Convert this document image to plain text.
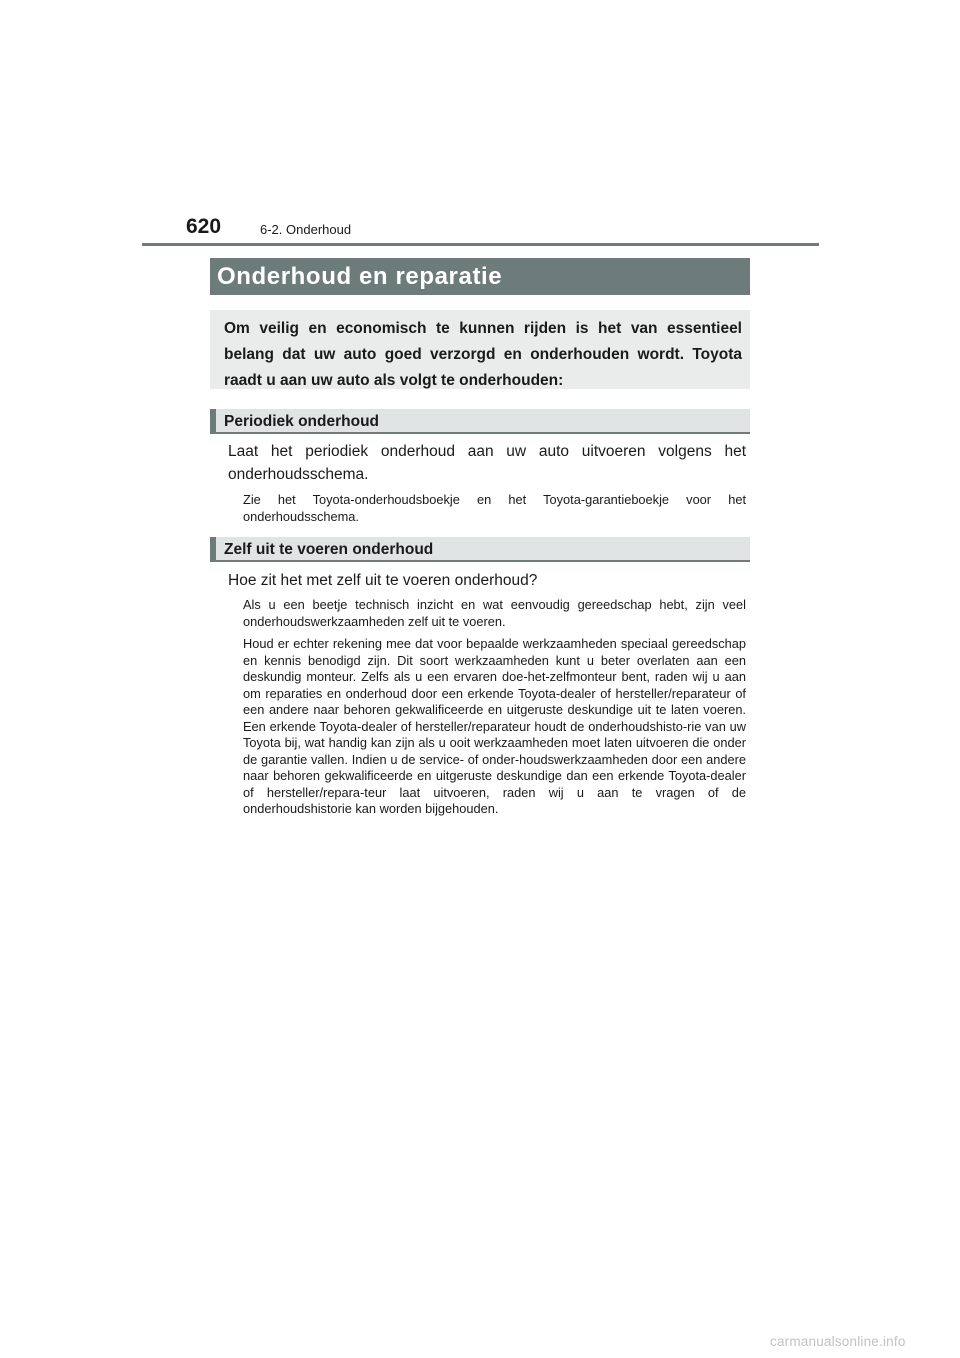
620	6-2. Onderhoud
Onderhoud en reparatie

Om veilig en economisch te kunnen rijden is het van essentieel belang dat uw auto goed verzorgd en onderhouden wordt. Toyota raadt u aan uw auto als volgt te onderhouden:

Periodiek onderhoud

Laat het periodiek onderhoud aan uw auto uitvoeren volgens het onderhoudsschema.

Zie het Toyota-onderhoudsboekje en het Toyota-garantieboekje voor het onderhoudsschema.

Zelf uit te voeren onderhoud

Hoe zit het met zelf uit te voeren onderhoud?

Als u een beetje technisch inzicht en wat eenvoudig gereedschap hebt, zijn veel onderhoudswerkzaamheden zelf uit te voeren.

Houd er echter rekening mee dat voor bepaalde werkzaamheden speciaal gereedschap en kennis benodigd zijn. Dit soort werkzaamheden kunt u beter overlaten aan een deskundig monteur. Zelfs als u een ervaren doe-het-zelfmonteur bent, raden wij u aan om reparaties en onderhoud door een erkende Toyota-dealer of hersteller/reparateur of een andere naar behoren gekwalificeerde en uitgeruste deskundige uit te laten voeren. Een erkende Toyota-dealer of hersteller/reparateur houdt de onderhoudshisto-rie van uw Toyota bij, wat handig kan zijn als u ooit werkzaamheden moet laten uitvoeren die onder de garantie vallen. Indien u de service- of onder-houdswerkzaamheden door een andere naar behoren gekwalificeerde en uitgeruste deskundige dan een erkende Toyota-dealer of hersteller/repara-teur laat uitvoeren, raden wij u aan te vragen of de onderhoudshistorie kan worden bijgehouden.

carmanualsonline.info
